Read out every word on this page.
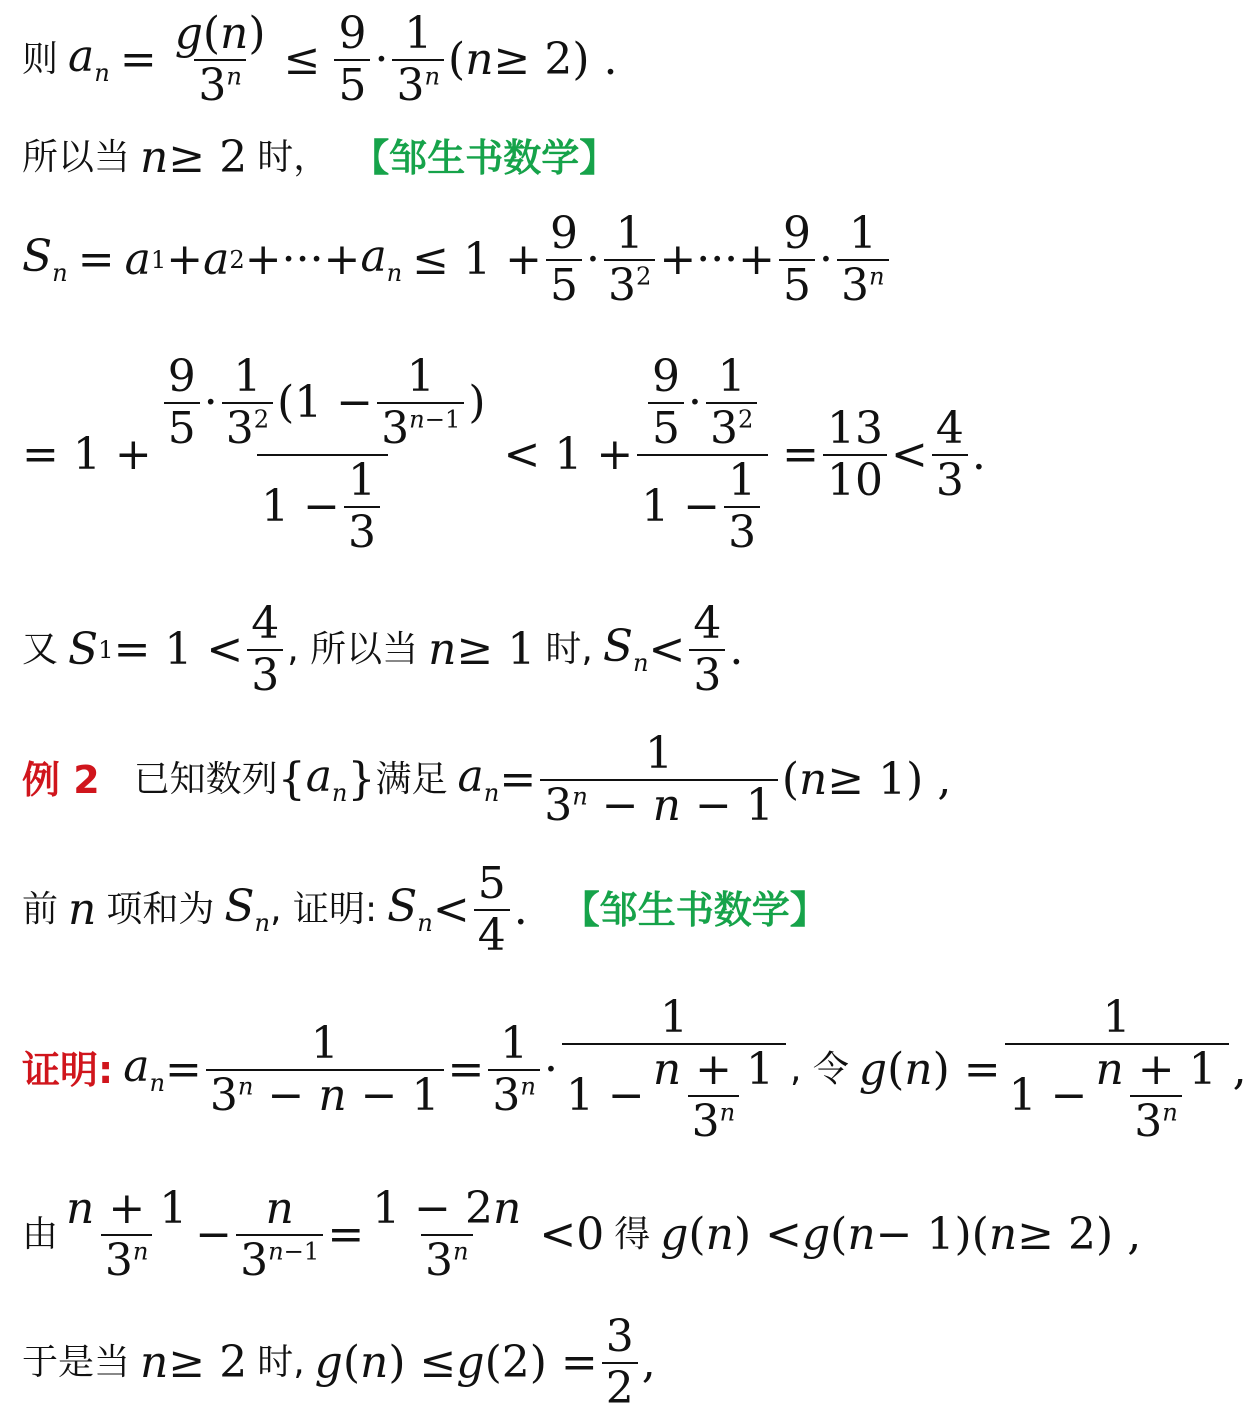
则 $a_n = \frac{g(n)}{3^n} \le \frac{9}{5} \cdot \frac{1}{3^n}$ ( n ≥ 2) .
所以当 n ≥ 2 时， 【邹生书数学】
$S_n = a$ 1 + a 2 +···+ $a_n \le 1 + \frac{9}{5} \cdot \frac{1}{3^2}$ +···+ $\frac{9}{5} \cdot \frac{1}{3^n}$
= $1 + \frac{\frac{9}{5} \cdot \frac{1}{3^2} (1 - \frac{1}{3^{n-1}} )}{1 - \frac{1}{3}} < 1 + \frac{\frac{9}{5} \cdot \frac{1}{3^2}}{1 - \frac{1}{3}} = \frac{13}{10} < \frac{4}{3}$ .
又 S $1 = 1 < \frac{4}{3}$ , 所以当 n ≥ 1 时, $S_n < \frac{4}{3}$ .
例 2 已知数列 { $a_n$ } 满足 $a_n = \frac{1}{3^n - n - 1}$ ( n ≥ 1) ,
前 n 项和为 $S_n$ , 证明: $S_n < \frac{5}{4}$ . 【邹生书数学】
证明: $a_n = \frac{1}{3^n - n - 1} = \frac{1}{3^n} \cdot \frac{1}{1 - \frac{n + 1}{3^n}}$ , 令 g ( n ) = $\frac{1}{1 - \frac{n + 1}{3^n}}$ ,
由 $\frac{n + 1}{3^n} - \frac{n}{3^{n-1}} = \frac{1 - 2n}{3^n} < 0$ 得 g ( n ) < g ( n − 1)( n ≥ 2) ,
于是当 n ≥ 2 时, g ( n ) ≤ g $(2) = \frac{3}{2}$ ,
